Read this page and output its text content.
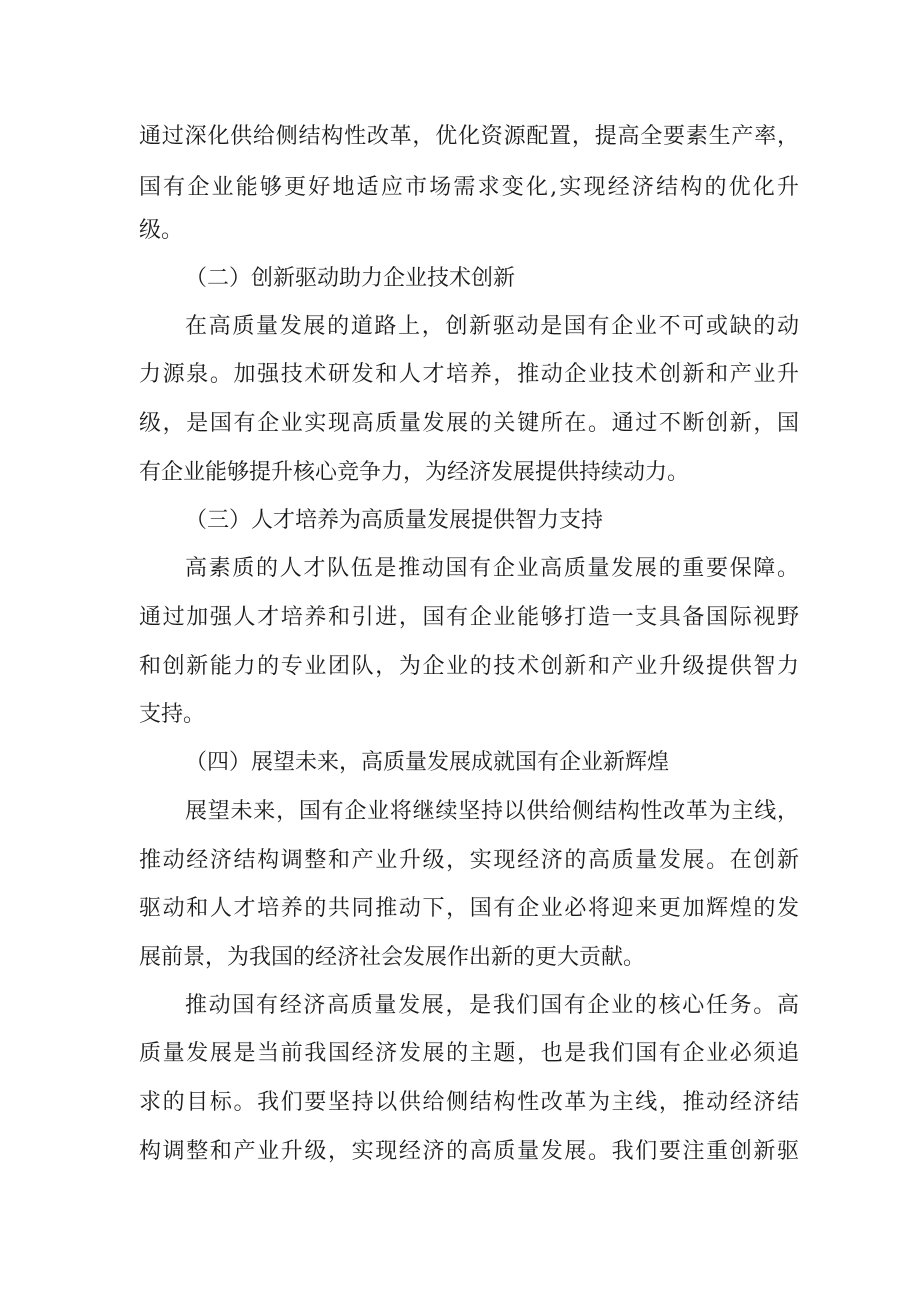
通过深化供给侧结构性改革，优化资源配置，提高全要素生产率，
国有企业能够更好地适应市场需求变化,实现经济结构的优化升
级。
（二）创新驱动助力企业技术创新
在高质量发展的道路上，创新驱动是国有企业不可或缺的动
力源泉。加强技术研发和人才培养，推动企业技术创新和产业升
级，是国有企业实现高质量发展的关键所在。通过不断创新，国
有企业能够提升核心竞争力，为经济发展提供持续动力。
（三）人才培养为高质量发展提供智力支持
高素质的人才队伍是推动国有企业高质量发展的重要保障。
通过加强人才培养和引进，国有企业能够打造一支具备国际视野
和创新能力的专业团队，为企业的技术创新和产业升级提供智力
支持。
（四）展望未来，高质量发展成就国有企业新辉煌
展望未来，国有企业将继续坚持以供给侧结构性改革为主线，
推动经济结构调整和产业升级，实现经济的高质量发展。在创新
驱动和人才培养的共同推动下，国有企业必将迎来更加辉煌的发
展前景，为我国的经济社会发展作出新的更大贡献。
推动国有经济高质量发展，是我们国有企业的核心任务。高
质量发展是当前我国经济发展的主题，也是我们国有企业必须追
求的目标。我们要坚持以供给侧结构性改革为主线，推动经济结
构调整和产业升级，实现经济的高质量发展。我们要注重创新驱
